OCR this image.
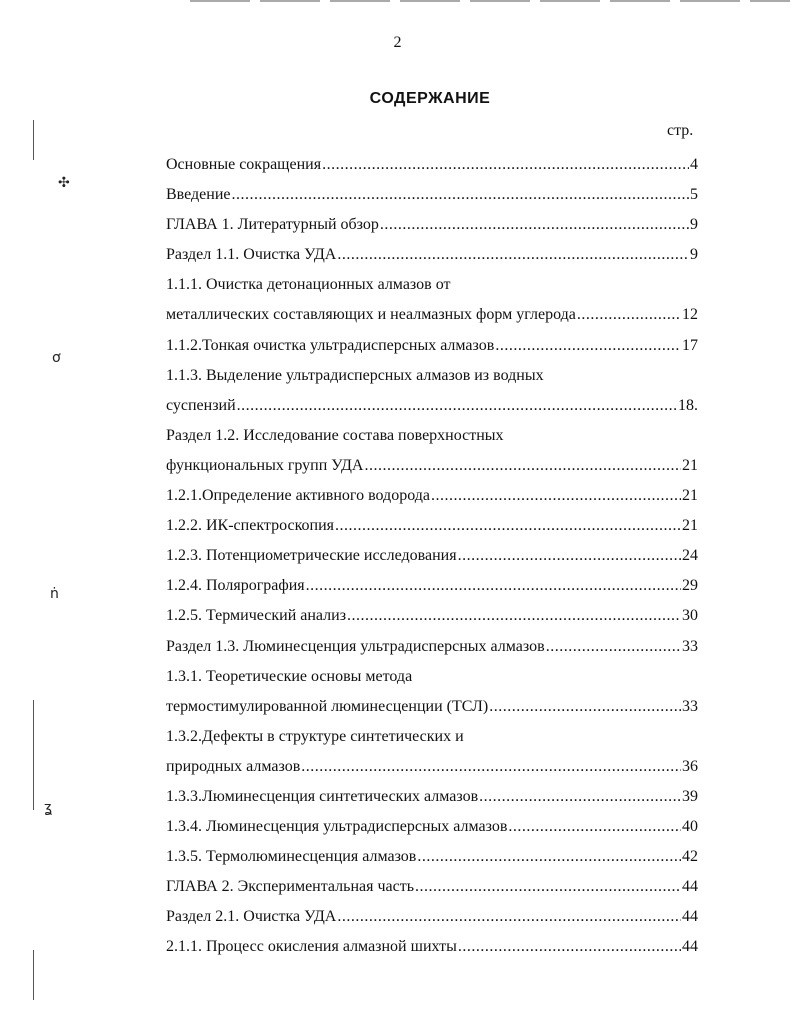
✣
ơ
ṅ
ʓ
2
СОДЕРЖАНИЕ
стр.
Основные сокращения .....	4
Введение .....	5
ГЛАВА 1. Литературный обзор .....	9
Раздел 1.1. Очистка УДА .....	9
1.1.1. Очистка детонационных алмазов от
металлических составляющих и неалмазных форм углерода .....	12
1.1.2.Тонкая очистка ультрадисперсных алмазов .....	17
1.1.3. Выделение ультрадисперсных алмазов из водных
суспензий .....	18.
Раздел 1.2. Исследование состава поверхностных
функциональных групп УДА .....	21
1.2.1.Определение активного водорода .....	21
1.2.2. ИК-спектроскопия .....	21
1.2.3. Потенциометрические исследования .....	24
1.2.4. Полярография .....	29
1.2.5. Термический анализ .....	30
Раздел 1.3. Люминесценция ультрадисперсных алмазов .....	33
1.3.1. Теоретические основы метода
термостимулированной люминесценции (ТСЛ) .....	33
1.3.2.Дефекты в структуре синтетических и
природных алмазов .....	36
1.3.3.Люминесценция синтетических алмазов .....	39
1.3.4. Люминесценция ультрадисперсных алмазов .....	40
1.3.5. Термолюминесценция алмазов .....	42
ГЛАВА 2. Экспериментальная часть .....	44
Раздел 2.1. Очистка УДА .....	44
2.1.1. Процесс окисления алмазной шихты .....	44
